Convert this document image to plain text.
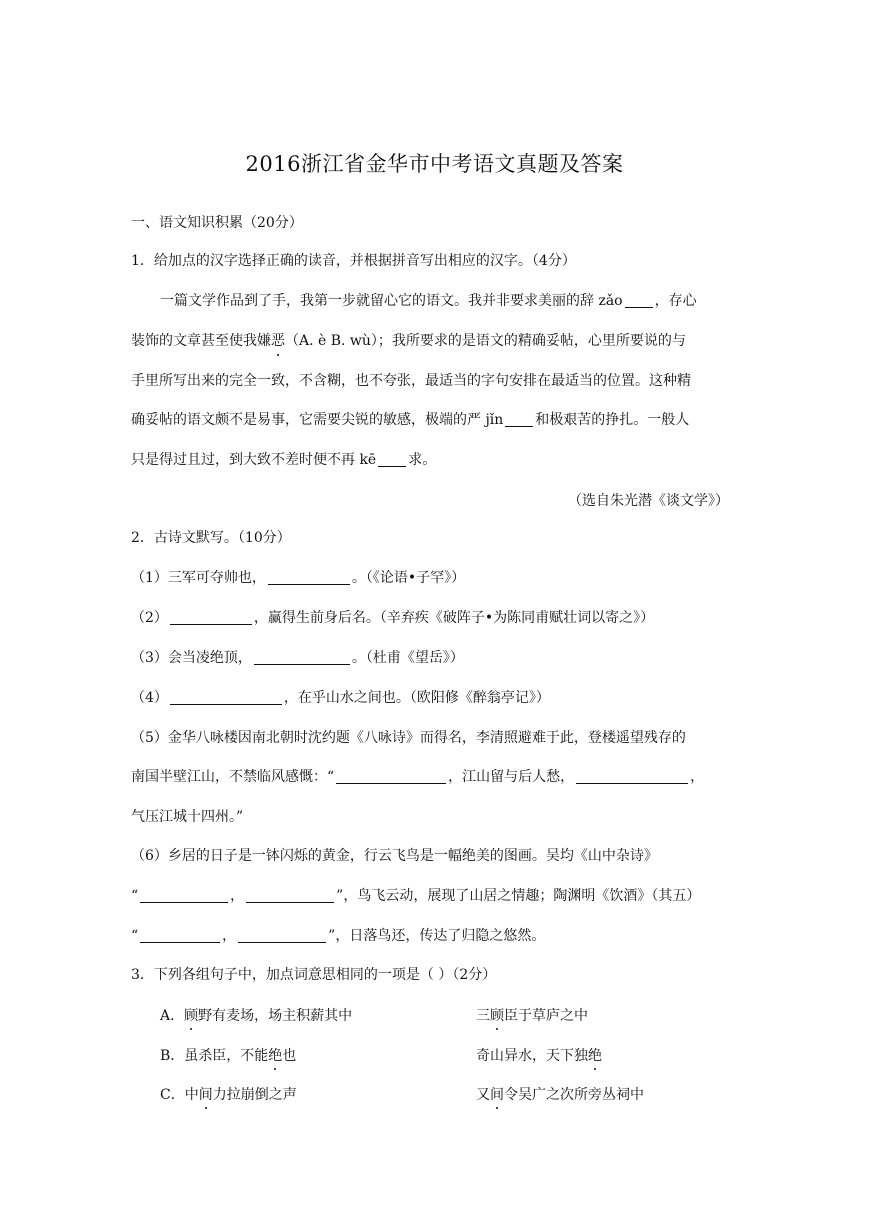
2016浙江省金华市中考语文真题及答案
一、语文知识积累（20分）
1．给加点的汉字选择正确的读音，并根据拼音写出相应的汉字。（4分）
一篇文学作品到了手，我第一步就留心它的语文。我并非要求美丽的辞 zǎo ，存心
装饰的文章甚至使我嫌恶（A. è B. wù）；我所要求的是语文的精确妥帖，心里所要说的与
手里所写出来的完全一致，不含糊，也不夸张，最适当的字句安排在最适当的位置。这种精
确妥帖的语文颇不是易事，它需要尖锐的敏感，极端的严 jǐn 和极艰苦的挣扎。一般人
只是得过且过，到大致不差时便不再 kē 求。
（选自朱光潜《谈文学》）
2．古诗文默写。（10分）
（1）三军可夺帅也，	。（《论语•子罕》）
（2）	，赢得生前身后名。（辛弃疾《破阵子•为陈同甫赋壮词以寄之》）
（3）会当凌绝顶，	。（杜甫《望岳》）
（4）	，在乎山水之间也。（欧阳修《醉翁亭记》）
（5）金华八咏楼因南北朝时沈约题《八咏诗》而得名，李清照避难于此，登楼遥望残存的
南国半壁江山，不禁临风感慨：“	，江山留与后人愁，	，
气压江城十四州。”
（6）乡居的日子是一钵闪烁的黄金，行云飞鸟是一幅绝美的图画。吴均《山中杂诗》
“	，	”，鸟飞云动，展现了山居之情趣；陶渊明《饮酒》（其五）
“	，	”，日落鸟还，传达了归隐之悠然。
3．下列各组句子中，加点词意思相同的一项是（ ）（2分）
A．顾野有麦场，场主积薪其中	三顾臣于草庐之中
B．虽杀臣，不能绝也	奇山异水，天下独绝
C．中间力拉崩倒之声	又间令吴广之次所旁丛祠中
